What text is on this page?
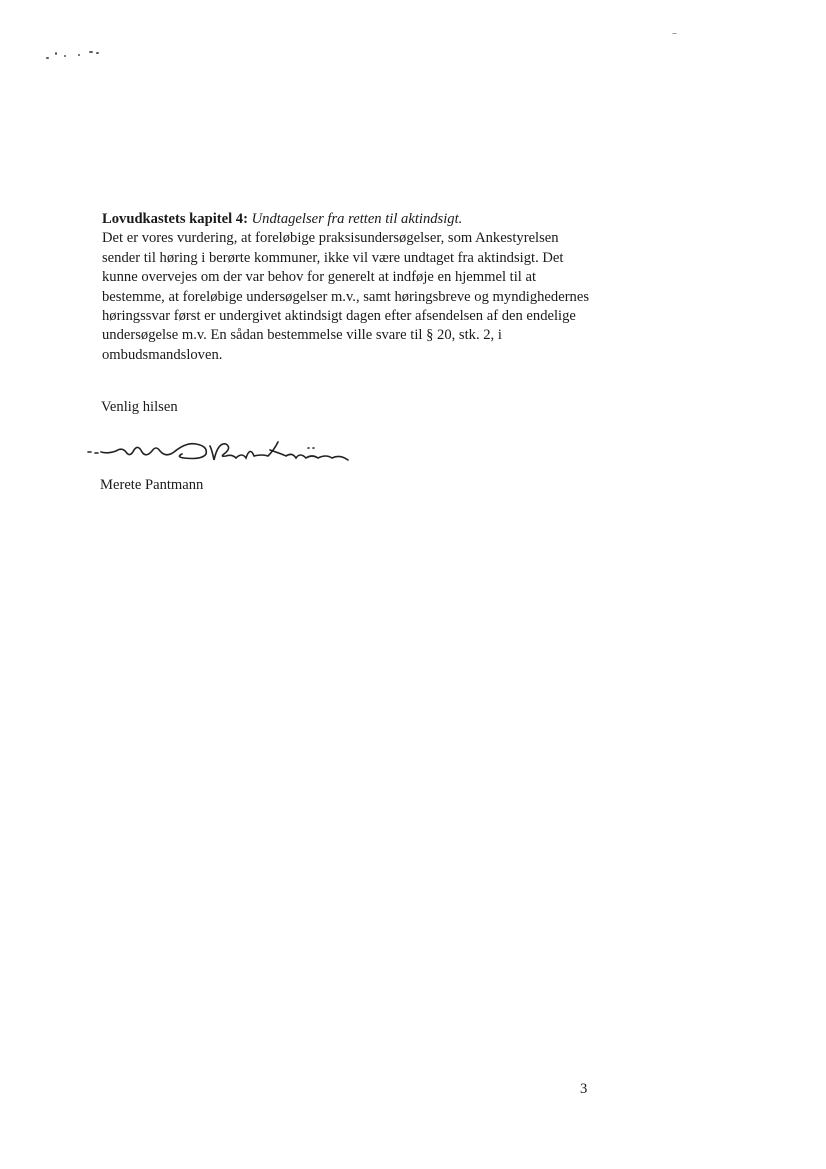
Lovudkastets kapitel 4: Undtagelser fra retten til aktindsigt.
Det er vores vurdering, at foreløbige praksisundersøgelser, som Ankestyrelsen
sender til høring i berørte kommuner, ikke vil være undtaget fra aktindsigt. Det
kunne overvejes om der var behov for generelt at indføje en hjemmel til at
bestemme, at foreløbige undersøgelser m.v., samt høringsbreve og myndighedernes
høringssvar først er undergivet aktindsigt dagen efter afsendelsen af den endelige
undersøgelse m.v. En sådan bestemmelse ville svare til § 20, stk. 2, i
ombudsmandsloven.
Venlig hilsen
Merete Pantmann
3
